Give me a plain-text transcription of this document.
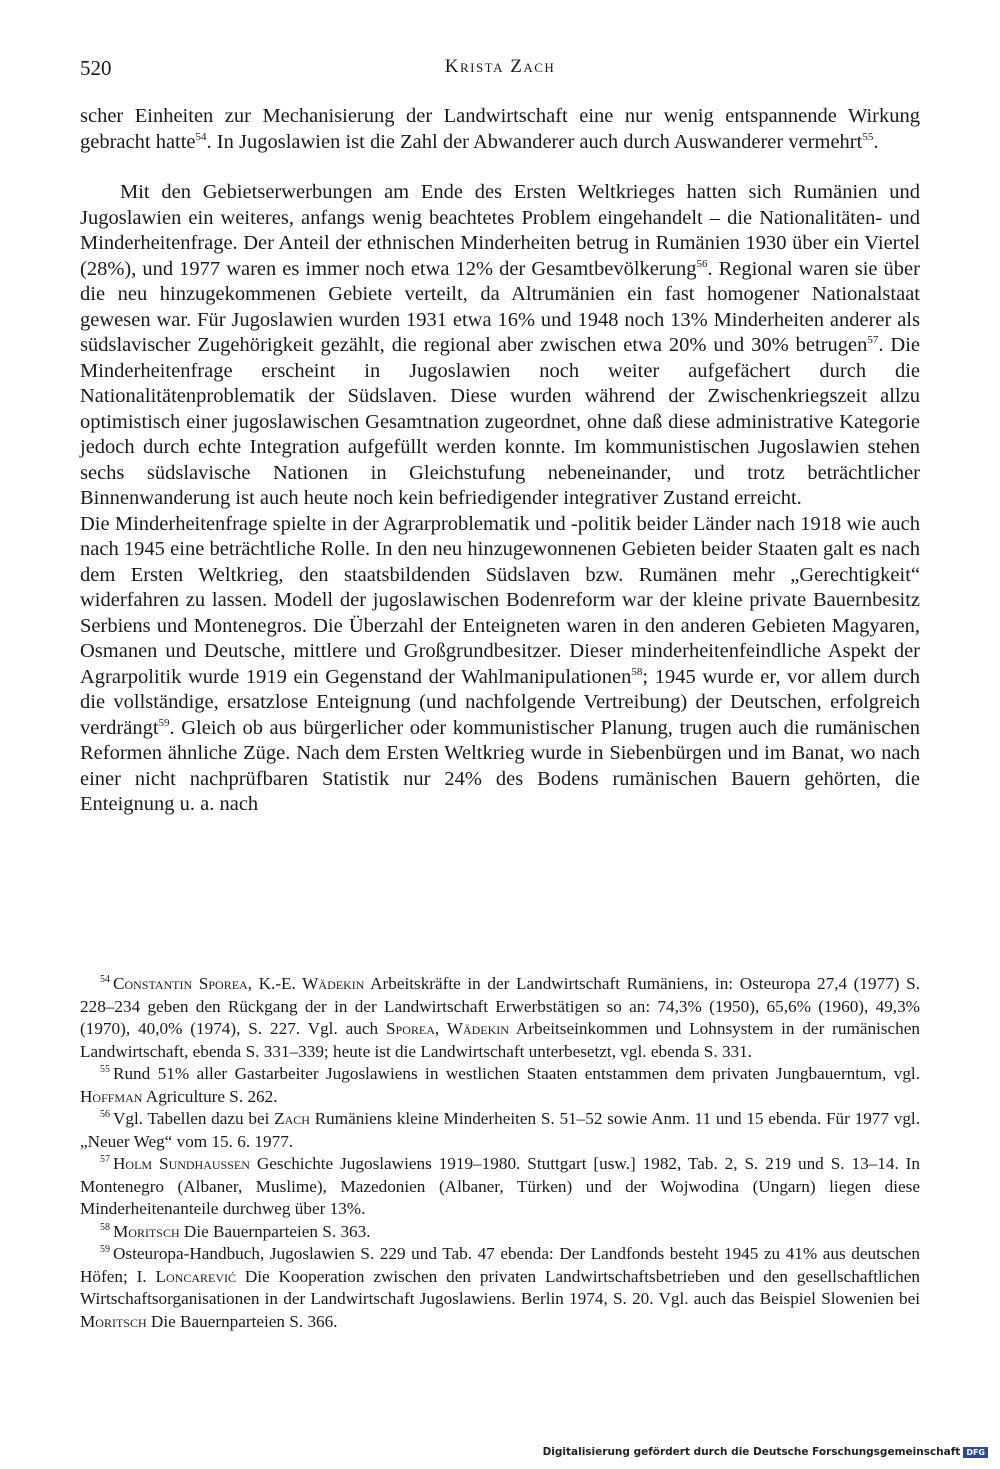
520	Krista Zach

scher Einheiten zur Mechanisierung der Landwirtschaft eine nur wenig entspannende Wirkung gebracht hatte$^{54}$. In Jugoslawien ist die Zahl der Abwanderer auch durch Auswanderer vermehrt$^{55}$.

Mit den Gebietserwerbungen am Ende des Ersten Weltkrieges hatten sich Rumänien und Jugoslawien ein weiteres, anfangs wenig beachtetes Problem eingehandelt – die Nationalitäten- und Minderheitenfrage. Der Anteil der ethnischen Minderheiten betrug in Rumänien 1930 über ein Viertel (28%), und 1977 waren es immer noch etwa 12% der Gesamtbevölkerung$^{56}$. Regional waren sie über die neu hinzugekommenen Gebiete verteilt, da Altrumänien ein fast homogener Nationalstaat gewesen war. Für Jugoslawien wurden 1931 etwa 16% und 1948 noch 13% Minderheiten anderer als südslavischer Zugehörigkeit gezählt, die regional aber zwischen etwa 20% und 30% betrugen$^{57}$. Die Minderheitenfrage erscheint in Jugoslawien noch weiter aufgefächert durch die Nationalitätenproblematik der Südslaven. Diese wurden während der Zwischenkriegszeit allzu optimistisch einer jugoslawischen Gesamtnation zugeordnet, ohne daß diese administrative Kategorie jedoch durch echte Integration aufgefüllt werden konnte. Im kommunistischen Jugoslawien stehen sechs südslavische Nationen in Gleichstufung nebeneinander, und trotz beträchtlicher Binnenwanderung ist auch heute noch kein befriedigender integrativer Zustand erreicht.

Die Minderheitenfrage spielte in der Agrarproblematik und -politik beider Länder nach 1918 wie auch nach 1945 eine beträchtliche Rolle. In den neu hinzugewonnenen Gebieten beider Staaten galt es nach dem Ersten Weltkrieg, den staatsbildenden Südslaven bzw. Rumänen mehr „Gerechtigkeit“ widerfahren zu lassen. Modell der jugoslawischen Bodenreform war der kleine private Bauernbesitz Serbiens und Montenegros. Die Überzahl der Enteigneten waren in den anderen Gebieten Magyaren, Osmanen und Deutsche, mittlere und Großgrundbesitzer. Dieser minderheitenfeindliche Aspekt der Agrarpolitik wurde 1919 ein Gegenstand der Wahlmanipulationen$^{58}$; 1945 wurde er, vor allem durch die vollständige, ersatzlose Enteignung (und nachfolgende Vertreibung) der Deutschen, erfolgreich verdrängt$^{59}$. Gleich ob aus bürgerlicher oder kommunistischer Planung, trugen auch die rumänischen Reformen ähnliche Züge. Nach dem Ersten Weltkrieg wurde in Siebenbürgen und im Banat, wo nach einer nicht nachprüfbaren Statistik nur 24% des Bodens rumänischen Bauern gehörten, die Enteignung u. a. nach

$^{54}$ Constantin Sporea, K.-E. Wädekin Arbeitskräfte in der Landwirtschaft Rumäniens, in: Osteuropa 27,4 (1977) S. 228–234 geben den Rückgang der in der Landwirtschaft Erwerbstätigen so an: 74,3% (1950), 65,6% (1960), 49,3% (1970), 40,0% (1974), S. 227. Vgl. auch Sporea, Wädekin Arbeitseinkommen und Lohnsystem in der rumänischen Landwirtschaft, ebenda S. 331–339; heute ist die Landwirtschaft unterbesetzt, vgl. ebenda S. 331.

$^{55}$ Rund 51% aller Gastarbeiter Jugoslawiens in westlichen Staaten entstammen dem privaten Jungbauerntum, vgl. Hoffman Agriculture S. 262.

$^{56}$ Vgl. Tabellen dazu bei Zach Rumäniens kleine Minderheiten S. 51–52 sowie Anm. 11 und 15 ebenda. Für 1977 vgl. „Neuer Weg“ vom 15. 6. 1977.

$^{57}$ Holm Sundhaussen Geschichte Jugoslawiens 1919–1980. Stuttgart [usw.] 1982, Tab. 2, S. 219 und S. 13–14. In Montenegro (Albaner, Muslime), Mazedonien (Albaner, Türken) und der Wojwodina (Ungarn) liegen diese Minderheitenanteile durchweg über 13%.

$^{58}$ Moritsch Die Bauernparteien S. 363.

$^{59}$ Osteuropa-Handbuch, Jugoslawien S. 229 und Tab. 47 ebenda: Der Landfonds besteht 1945 zu 41% aus deutschen Höfen; I. Loncarević Die Kooperation zwischen den privaten Landwirtschaftsbetrieben und den gesellschaftlichen Wirtschaftsorganisationen in der Landwirtschaft Jugoslawiens. Berlin 1974, S. 20. Vgl. auch das Beispiel Slowenien bei Moritsch Die Bauernparteien S. 366.

Digitalisierung gefördert durch die Deutsche Forschungsgemeinschaft DFG
